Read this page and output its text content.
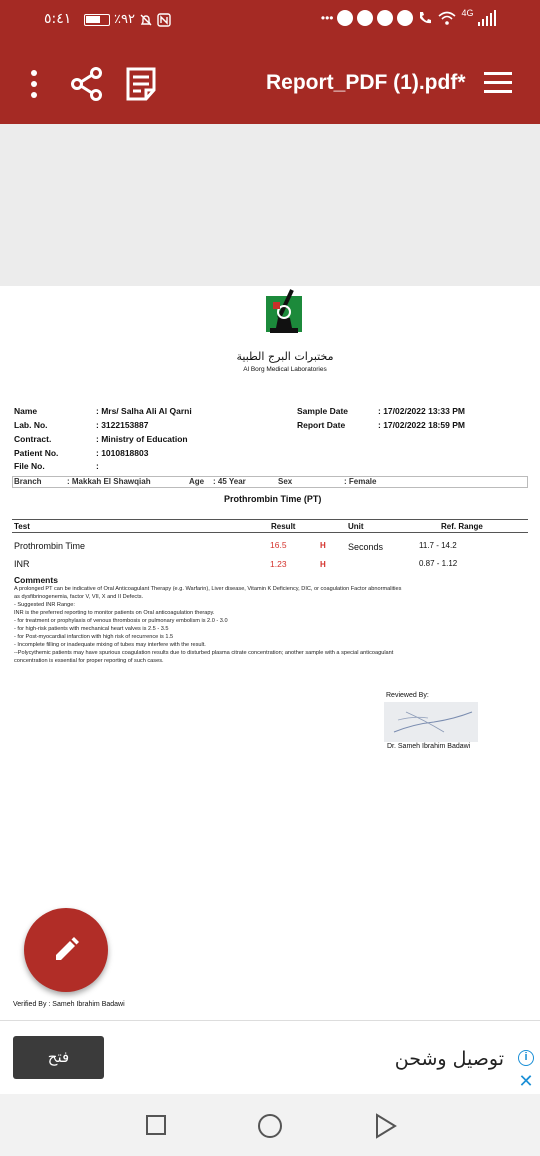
٥:٤١	٪٩٢	•••	4G
Report_PDF (1).pdf*
مختبرات البرج الطبية
Al Borg Medical Laboratories
Name	: Mrs/ Salha Ali Al Qarni
Lab. No.	: 3122153887
Contract.	: Ministry of Education
Patient No.	: 1010818803
File No.	:
Sample Date	: 17/02/2022 13:33 PM
Report Date	: 17/02/2022 18:59 PM
Branch	: Makkah El Shawqiah	Age : 45 Year	Sex	: Female
Prothrombin Time (PT)
Test	Result	Unit	Ref. Range
Prothrombin Time	16.5	H Seconds	11.7 - 14.2
INR	1.23	H	0.87 - 1.12
Comments
A prolonged PT can be indicative of Oral Anticoagulant Therapy (e.g. Warfarin), Liver disease, Vitamin K Deficiency, DIC, or coagulation Factor abnormalities
as dysfibrinogenemia, factor V, VII, X and II Defects.
- Suggested INR Range:
INR is the preferred reporting to monitor patients on Oral anticoagulation therapy.
- for treatment or prophylaxis of venous thrombosis or pulmonary embolism is 2.0 - 3.0
- for high-risk patients with mechanical heart valves is 2.5 - 3.5
- for Post-myocardial infarction with high risk of recurrence is 1.5
- Incomplete filling or inadequate mixing of tubes may interfere with the result.
--Polycythemic patients may have spurious coagulation results due to disturbed plasma citrate concentration; another sample with a special anticoagulant
concentration is essential for proper reporting of such cases.
Reviewed By:
Dr. Sameh Ibrahim Badawi
Verified By : Sameh Ibrahim Badawi
فتح	توصيل وشحن	i
✕
